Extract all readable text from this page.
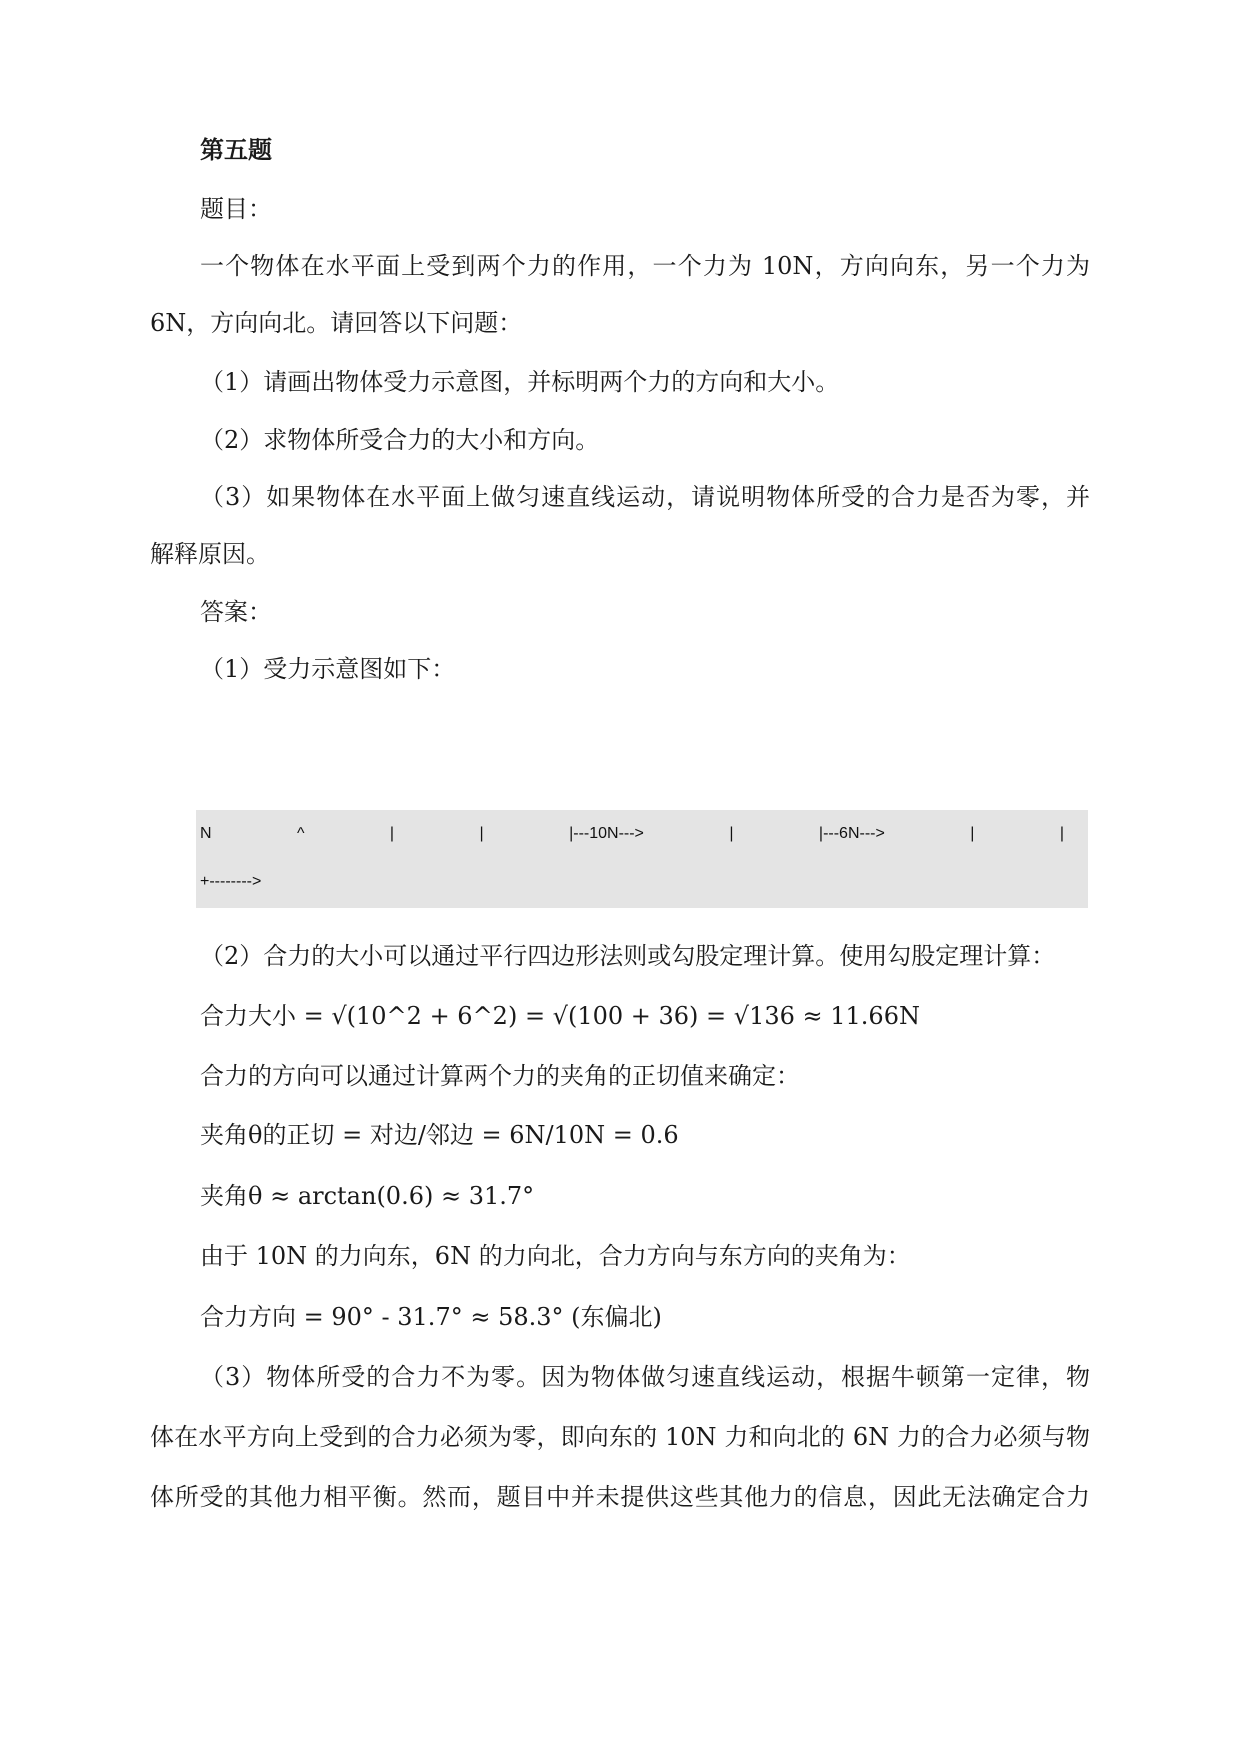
第五题
题目：
一个物体在水平面上受到两个力的作用，一个力为 10N，方向向东，另一个力为
6N，方向向北。请回答以下问题：
（1）请画出物体受力示意图，并标明两个力的方向和大小。
（2）求物体所受合力的大小和方向。
（3）如果物体在水平面上做匀速直线运动，请说明物体所受的合力是否为零，并
解释原因。
答案：
（1）受力示意图如下：
N	^	|	|	|---10N--->	|	|---6N--->	|	|
+-------->
（2）合力的大小可以通过平行四边形法则或勾股定理计算。使用勾股定理计算：
合力大小 = √(10^2 + 6^2) = √(100 + 36) = √136 ≈ 11.66N
合力的方向可以通过计算两个力的夹角的正切值来确定：
夹角θ的正切 = 对边/邻边 = 6N/10N = 0.6
夹角θ ≈ arctan(0.6) ≈ 31.7°
由于 10N 的力向东，6N 的力向北，合力方向与东方向的夹角为：
合力方向 = 90° - 31.7° ≈ 58.3° (东偏北)
（3）物体所受的合力不为零。因为物体做匀速直线运动，根据牛顿第一定律，物
体在水平方向上受到的合力必须为零，即向东的 10N 力和向北的 6N 力的合力必须与物
体所受的其他力相平衡。然而，题目中并未提供这些其他力的信息，因此无法确定合力
